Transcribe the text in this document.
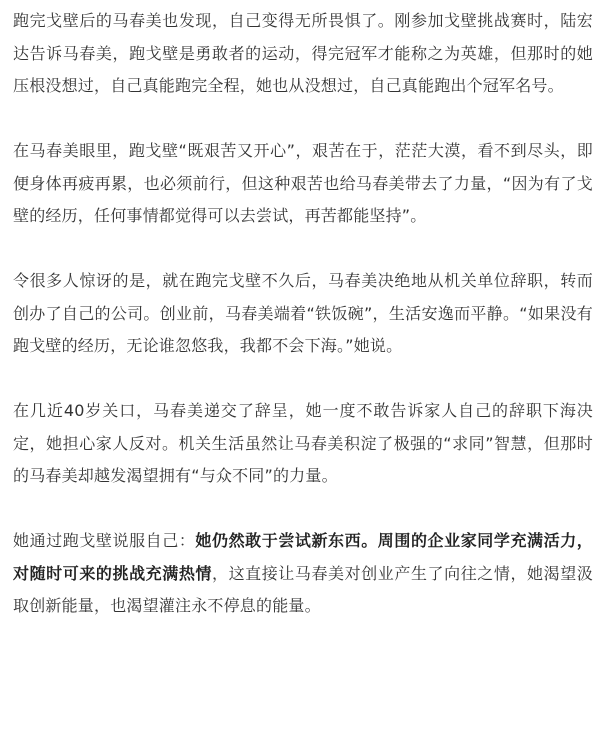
跑完戈壁后的马春美也发现，自己变得无所畏惧了。刚参加戈壁挑战赛时，陆宏达告诉马春美，跑戈壁是勇敢者的运动，得完冠军才能称之为英雄，但那时的她压根没想过，自己真能跑完全程，她也从没想过，自己真能跑出个冠军名号。

在马春美眼里，跑戈壁“既艰苦又开心”，艰苦在于，茫茫大漠，看不到尽头，即便身体再疲再累，也必须前行，但这种艰苦也给马春美带去了力量，“因为有了戈壁的经历，任何事情都觉得可以去尝试，再苦都能坚持”。

令很多人惊讶的是，就在跑完戈壁不久后，马春美决绝地从机关单位辞职，转而创办了自己的公司。创业前，马春美端着“铁饭碗”，生活安逸而平静。“如果没有跑戈壁的经历，无论谁忽悠我，我都不会下海。”她说。

在几近40岁关口，马春美递交了辞呈，她一度不敢告诉家人自己的辞职下海决定，她担心家人反对。机关生活虽然让马春美积淀了极强的“求同”智慧，但那时的马春美却越发渴望拥有“与众不同”的力量。

她通过跑戈壁说服自己：她仍然敢于尝试新东西。周围的企业家同学充满活力，对随时可来的挑战充满热情，这直接让马春美对创业产生了向往之情，她渴望汲取创新能量，也渴望灌注永不停息的能量。
